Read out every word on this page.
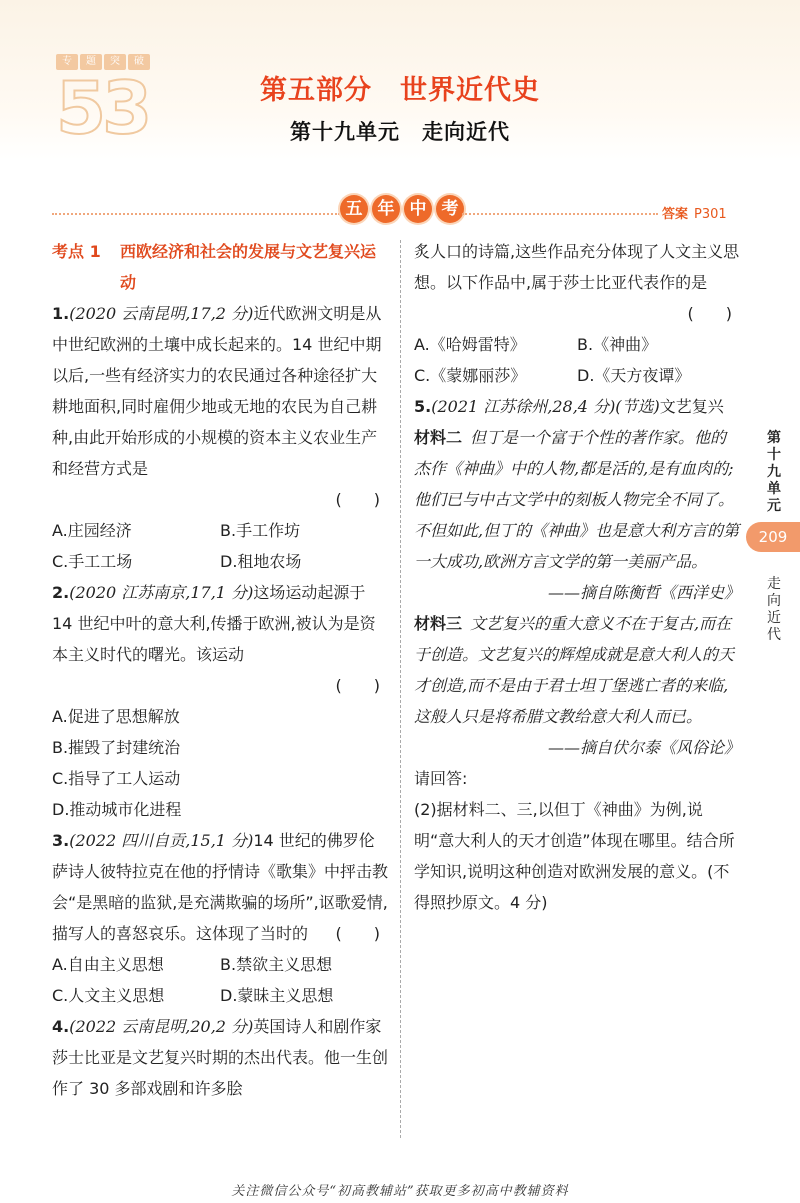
专	题	突	破
53	第五部分　世界近代史
第十九单元　走向近代
五 年 中 考	答案 P301
考点 1	西欧经济和社会的发展与文艺复兴运动
1.(2020 云南昆明,17,2 分)近代欧洲文明是从中世纪欧洲的土壤中成长起来的。14 世纪中期以后,一些有经济实力的农民通过各种途径扩大耕地面积,同时雇佣少地或无地的农民为自己耕种,由此开始形成的小规模的资本主义农业生产和经营方式是
(　　)
A.庄园经济	B.手工作坊
C.手工工场	D.租地农场
2.(2020 江苏南京,17,1 分)这场运动起源于 14 世纪中叶的意大利,传播于欧洲,被认为是资本主义时代的曙光。该运动
(　　)
A.促进了思想解放
B.摧毁了封建统治
C.指导了工人运动
D.推动城市化进程
3.(2022 四川自贡,15,1 分)14 世纪的佛罗伦萨诗人彼特拉克在他的抒情诗《歌集》中抨击教会“是黑暗的监狱,是充满欺骗的场所”,讴歌爱情,描写人的喜怒哀乐。这体现了当时的 (　　)
A.自由主义思想	B.禁欲主义思想
C.人文主义思想	D.蒙昧主义思想
4.(2022 云南昆明,20,2 分)英国诗人和剧作家莎士比亚是文艺复兴时期的杰出代表。他一生创作了 30 多部戏剧和许多脍
炙人口的诗篇,这些作品充分体现了人文主义思想。以下作品中,属于莎士比亚代表作的是
(　　)
A.《哈姆雷特》	B.《神曲》
C.《蒙娜丽莎》	D.《天方夜谭》
5.(2021 江苏徐州,28,4 分)(节选)文艺复兴
材料二 但丁是一个富于个性的著作家。他的杰作《神曲》中的人物,都是活的,是有血肉的;他们已与中古文学中的刻板人物完全不同了。不但如此,但丁的《神曲》也是意大利方言的第一大成功,欧洲方言文学的第一美丽产品。
——摘自陈衡哲《西洋史》
材料三 文艺复兴的重大意义不在于复古,而在于创造。文艺复兴的辉煌成就是意大利人的天才创造,而不是由于君士坦丁堡逃亡者的来临,这般人只是将希腊文教给意大利人而已。
——摘自伏尔泰《风俗论》
请回答:
(2)据材料二、三,以但丁《神曲》为例,说明“意大利人的天才创造”体现在哪里。结合所学知识,说明这种创造对欧洲发展的意义。(不得照抄原文。4 分)
第十九单元
209
走向近代
关注微信公众号“初高教辅站”获取更多初高中教辅资料
